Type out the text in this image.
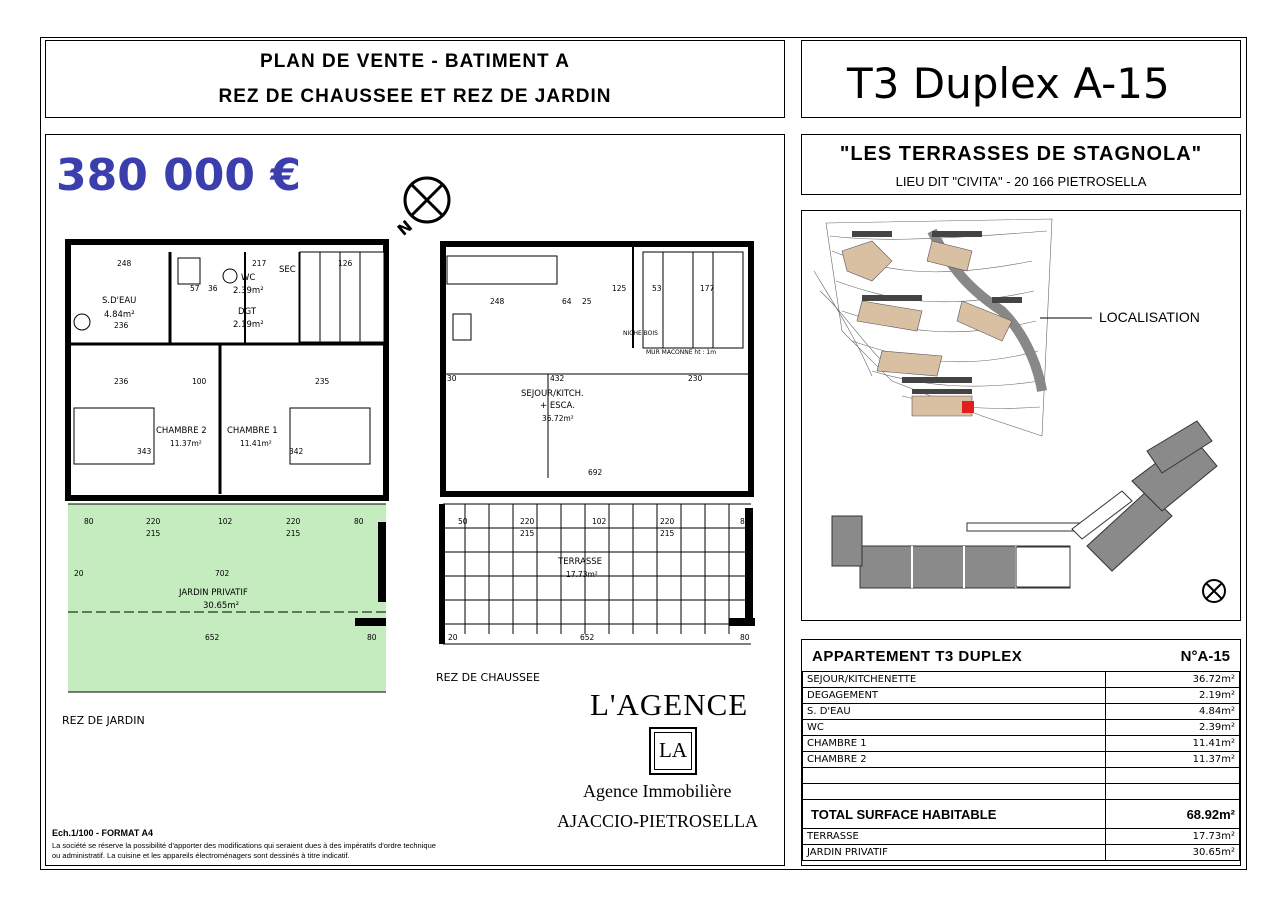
PLAN DE VENTE - BATIMENT A
REZ DE CHAUSSEE ET REZ DE JARDIN	T3 Duplex A-15
"LES TERRASSES DE STAGNOLA"
LIEU DIT "CIVITA" - 20 166 PIETROSELLA
380 000 €
N
S.D'EAU
4.84m²
WC
2.39m²
SEC
DGT
2.19m²
CHAMBRE 2
11.37m²
CHAMBRE 1
11.41m²
JARDIN PRIVATIF
30.65m²
REZ DE JARDIN
248	217	126
57 36
236
236	100	235
343	342
80	220	102	220	80
215	215
20	702
652	80
SEJOUR/KITCH.
+ ESCA.
36.72m²
TERRASSE
17.73m²
NICHE BOIS
MUR MACONNE ht : 1m
REZ DE CHAUSSEE
248	64 25
125	53	177
30	432	230
692
50	220	102	220	80
215	215
20	652	80
L'AGENCE
LA
Agence Immobilière
AJACCIO-PIETROSELLA
Ech.1/100 - FORMAT A4
La société se réserve la possibilité d'apporter des modifications qui seraient dues à des impératifs d'ordre technique
ou administratif. La cuisine et les appareils électroménagers sont dessinés à titre indicatif.
LOCALISATION
APPARTEMENT T3 DUPLEX	N°A-15
SEJOUR/KITCHENETTE	36.72m²
DEGAGEMENT	2.19m²
S. D'EAU	4.84m²
WC	2.39m²
CHAMBRE 1	11.41m²
CHAMBRE 2	11.37m²

TOTAL SURFACE HABITABLE	68.92m²
TERRASSE	17.73m²
JARDIN PRIVATIF	30.65m²
